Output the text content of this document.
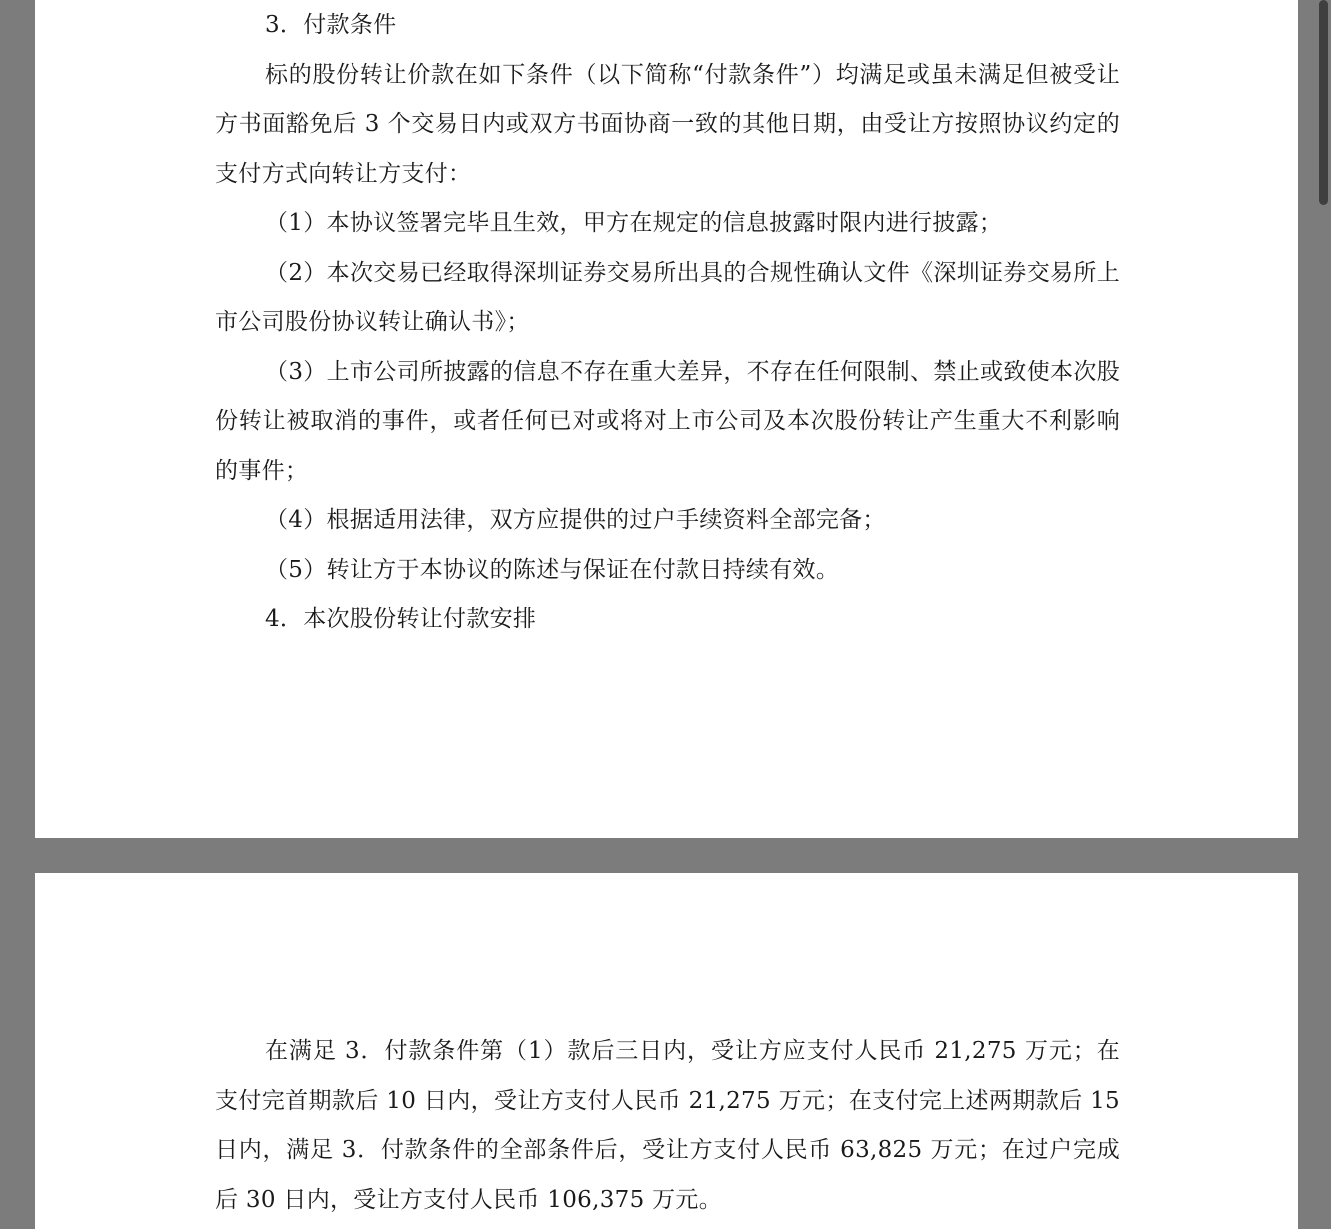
3．付款条件

标的股份转让价款在如下条件（以下简称“付款条件”）均满足或虽未满足但被受让方书面豁免后 3 个交易日内或双方书面协商一致的其他日期，由受让方按照协议约定的支付方式向转让方支付：

（1）本协议签署完毕且生效，甲方在规定的信息披露时限内进行披露；

（2）本次交易已经取得深圳证券交易所出具的合规性确认文件《深圳证券交易所上市公司股份协议转让确认书》；

（3）上市公司所披露的信息不存在重大差异，不存在任何限制、禁止或致使本次股份转让被取消的事件，或者任何已对或将对上市公司及本次股份转让产生重大不利影响的事件；

（4）根据适用法律，双方应提供的过户手续资料全部完备；

（5）转让方于本协议的陈述与保证在付款日持续有效。

4．本次股份转让付款安排

在满足 3．付款条件第（1）款后三日内，受让方应支付人民币 21,275 万元；在支付完首期款后 10 日内，受让方支付人民币 21,275 万元；在支付完上述两期款后 15 日内，满足 3．付款条件的全部条件后，受让方支付人民币 63,825 万元；在过户完成后 30 日内，受让方支付人民币 106,375 万元。
